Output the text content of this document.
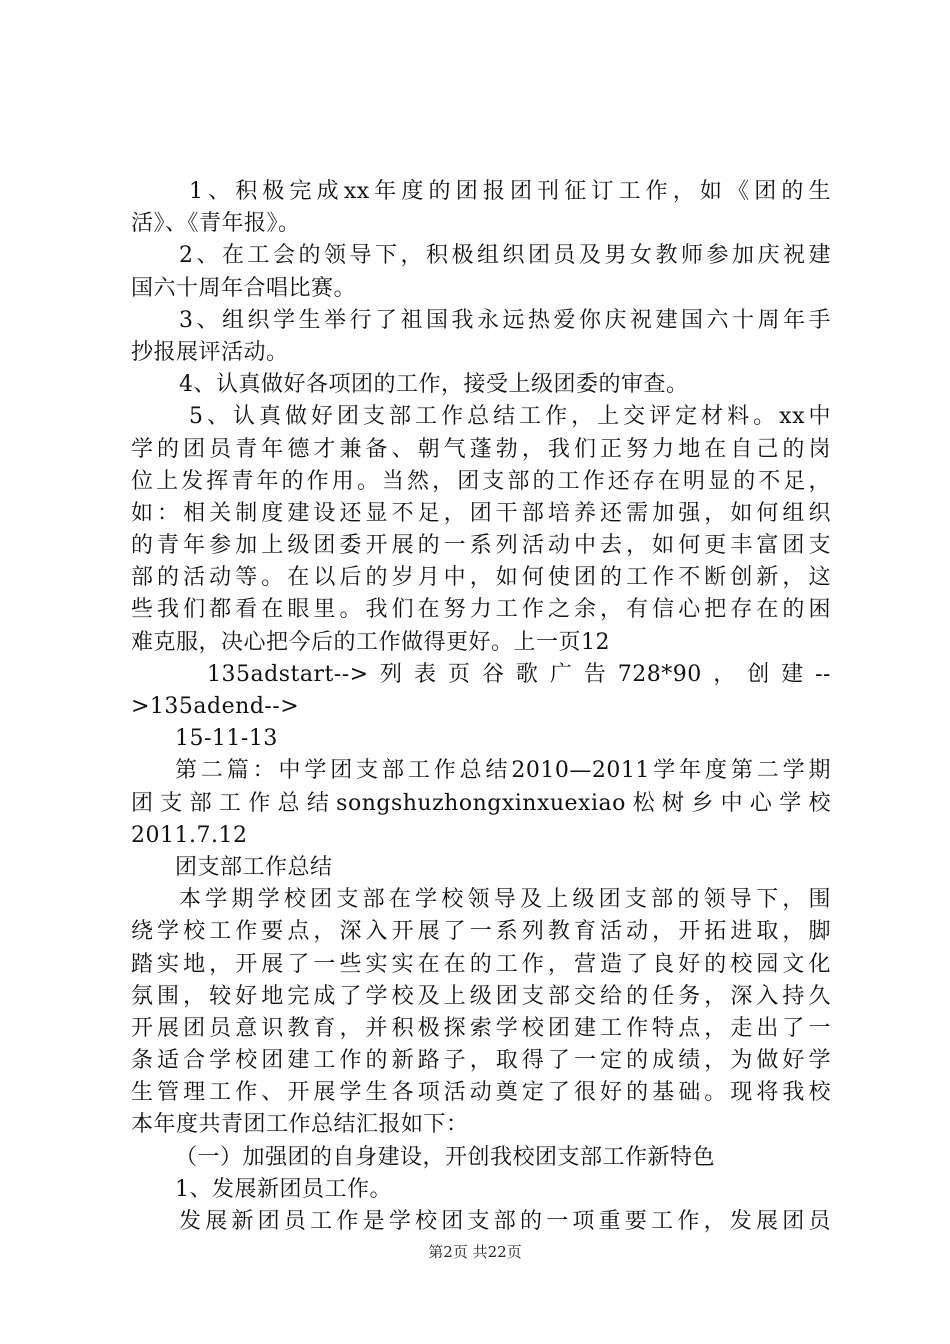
1、积极完成xx年度的团报团刊征订工作，如《团的生
活》、《青年报》。
2、在工会的领导下，积极组织团员及男女教师参加庆祝建
国六十周年合唱比赛。
3、组织学生举行了祖国我永远热爱你庆祝建国六十周年手
抄报展评活动。
4、认真做好各项团的工作，接受上级团委的审查。
5、认真做好团支部工作总结工作，上交评定材料。xx中
学的团员青年德才兼备、朝气蓬勃，我们正努力地在自己的岗
位上发挥青年的作用。当然，团支部的工作还存在明显的不足，
如：相关制度建设还显不足，团干部培养还需加强，如何组织
的青年参加上级团委开展的一系列活动中去，如何更丰富团支
部的活动等。在以后的岁月中，如何使团的工作不断创新，这
些我们都看在眼里。我们在努力工作之余，有信心把存在的困
难克服，决心把今后的工作做得更好。上一页12
135adstart-->列表页谷歌广告728*90，创建--
>135adend-->
15-11-13
第二篇：中学团支部工作总结2010—2011学年度第二学期
团支部工作总结songshuzhongxinxuexiao松树乡中心学校
2011.7.12
团支部工作总结
本学期学校团支部在学校领导及上级团支部的领导下，围
绕学校工作要点，深入开展了一系列教育活动，开拓进取，脚
踏实地，开展了一些实实在在的工作，营造了良好的校园文化
氛围，较好地完成了学校及上级团支部交给的任务，深入持久
开展团员意识教育，并积极探索学校团建工作特点，走出了一
条适合学校团建工作的新路子，取得了一定的成绩，为做好学
生管理工作、开展学生各项活动奠定了很好的基础。现将我校
本年度共青团工作总结汇报如下：
（一）加强团的自身建设，开创我校团支部工作新特色
1、发展新团员工作。
发展新团员工作是学校团支部的一项重要工作，发展团员
第2页 共22页
